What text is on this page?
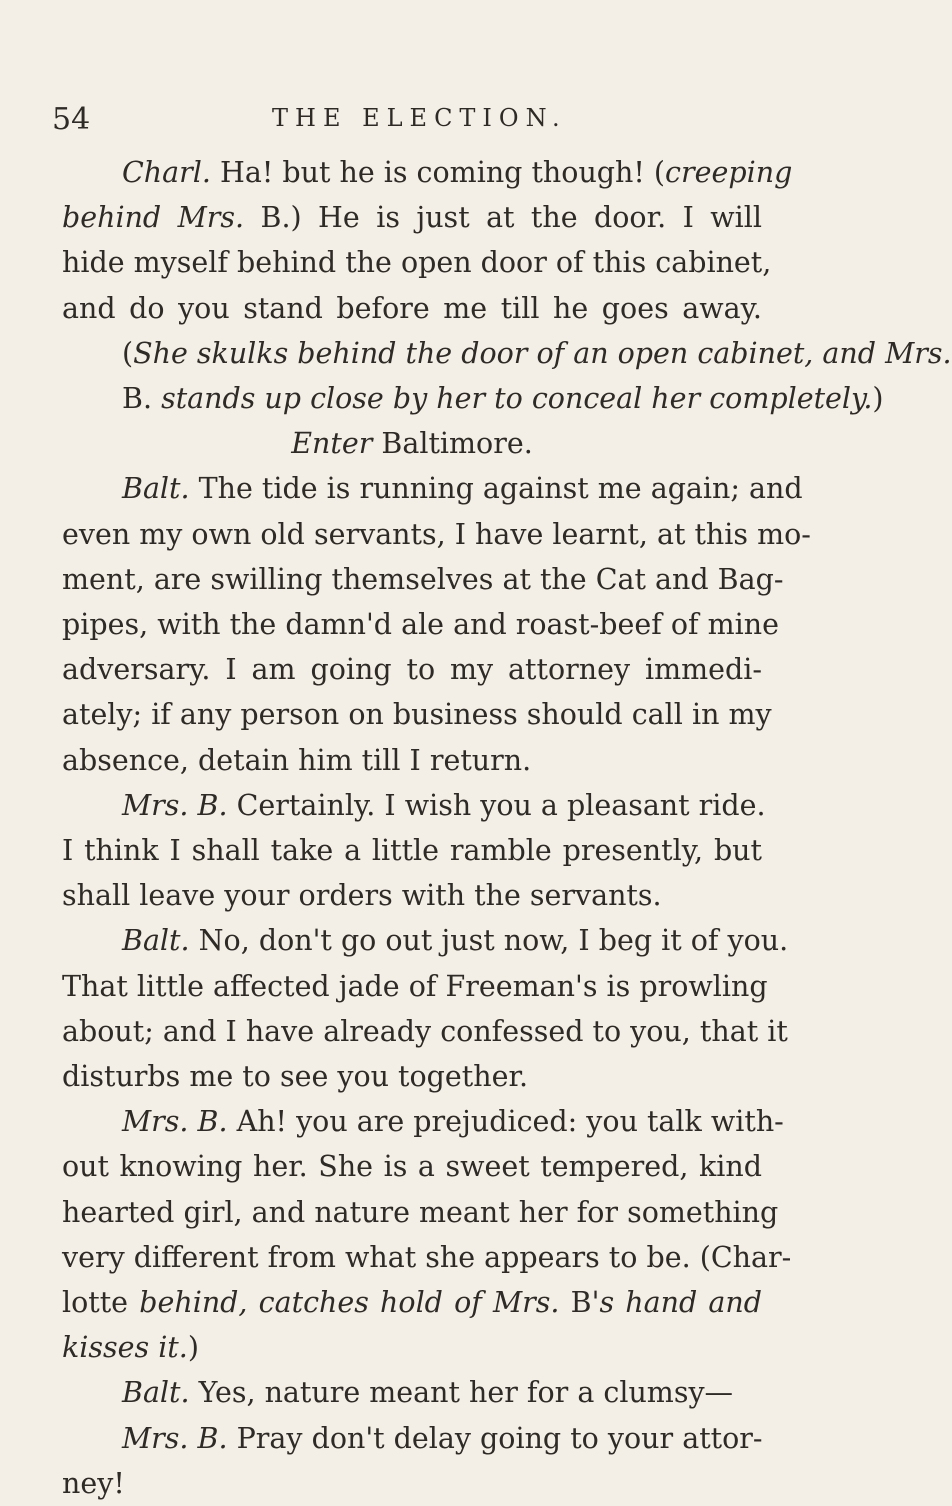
54	THE ELECTION.
Charl. Ha! but he is coming though! (creeping
behind Mrs. B.) He is just at the door. I will
hide myself behind the open door of this cabinet,
and do you stand before me till he goes away.
(She skulks behind the door of an open cabinet, and Mrs.
B. stands up close by her to conceal her completely.)
Enter Baltimore.
Balt. The tide is running against me again; and
even my own old servants, I have learnt, at this mo-
ment, are swilling themselves at the Cat and Bag-
pipes, with the damn'd ale and roast-beef of mine
adversary. I am going to my attorney immedi-
ately; if any person on business should call in my
absence, detain him till I return.
Mrs. B. Certainly. I wish you a pleasant ride.
I think I shall take a little ramble presently, but
shall leave your orders with the servants.
Balt. No, don't go out just now, I beg it of you.
That little affected jade of Freeman's is prowling
about; and I have already confessed to you, that it
disturbs me to see you together.
Mrs. B. Ah! you are prejudiced: you talk with-
out knowing her. She is a sweet tempered, kind
hearted girl, and nature meant her for something
very different from what she appears to be. (Char-
lotte behind, catches hold of Mrs. B's hand and
kisses it.)
Balt. Yes, nature meant her for a clumsy—
Mrs. B. Pray don't delay going to your attor-
ney!
